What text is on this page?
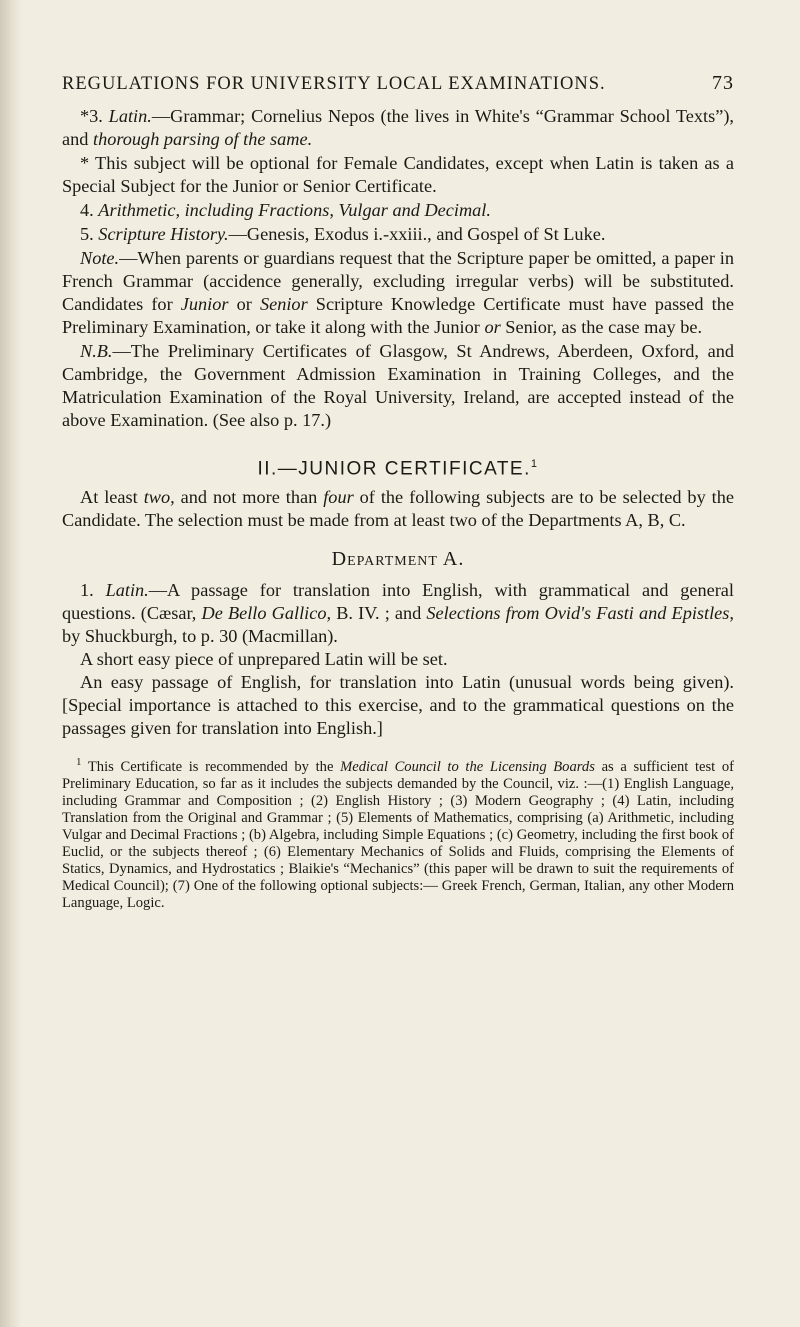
REGULATIONS FOR UNIVERSITY LOCAL EXAMINATIONS.	73

*3. Latin.—Grammar; Cornelius Nepos (the lives in White's “Grammar School Texts”), and thorough parsing of the same.

* This subject will be optional for Female Candidates, except when Latin is taken as a Special Subject for the Junior or Senior Certificate.

4. Arithmetic, including Fractions, Vulgar and Decimal.

5. Scripture History.—Genesis, Exodus i.-xxiii., and Gospel of St Luke.

Note.—When parents or guardians request that the Scripture paper be omitted, a paper in French Grammar (accidence generally, excluding irregular verbs) will be substituted. Candidates for Junior or Senior Scripture Knowledge Certificate must have passed the Preliminary Examination, or take it along with the Junior or Senior, as the case may be.

N.B.—The Preliminary Certificates of Glasgow, St Andrews, Aberdeen, Oxford, and Cambridge, the Government Admission Examination in Training Colleges, and the Matriculation Examination of the Royal University, Ireland, are accepted instead of the above Examination. (See also p. 17.)

II.—JUNIOR CERTIFICATE.$^1$

At least two, and not more than four of the following subjects are to be selected by the Candidate. The selection must be made from at least two of the Departments A, B, C.

Department A.

1. Latin.—A passage for translation into English, with grammatical and general questions. (Cæsar, De Bello Gallico, B. IV. ; and Selections from Ovid's Fasti and Epistles, by Shuckburgh, to p. 30 (Macmillan).

A short easy piece of unprepared Latin will be set.

An easy passage of English, for translation into Latin (unusual words being given). [Special importance is attached to this exercise, and to the grammatical questions on the passages given for translation into English.]

$^1$ This Certificate is recommended by the Medical Council to the Licensing Boards as a sufficient test of Preliminary Education, so far as it includes the subjects demanded by the Council, viz. :—(1) English Language, including Grammar and Composition ; (2) English History ; (3) Modern Geography ; (4) Latin, including Translation from the Original and Grammar ; (5) Elements of Mathematics, comprising (a) Arithmetic, including Vulgar and Decimal Fractions ; (b) Algebra, including Simple Equations ; (c) Geometry, including the first book of Euclid, or the subjects thereof ; (6) Elementary Mechanics of Solids and Fluids, comprising the Elements of Statics, Dynamics, and Hydrostatics ; Blaikie's “Mechanics” (this paper will be drawn to suit the requirements of Medical Council); (7) One of the following optional subjects:— Greek French, German, Italian, any other Modern Language, Logic.
